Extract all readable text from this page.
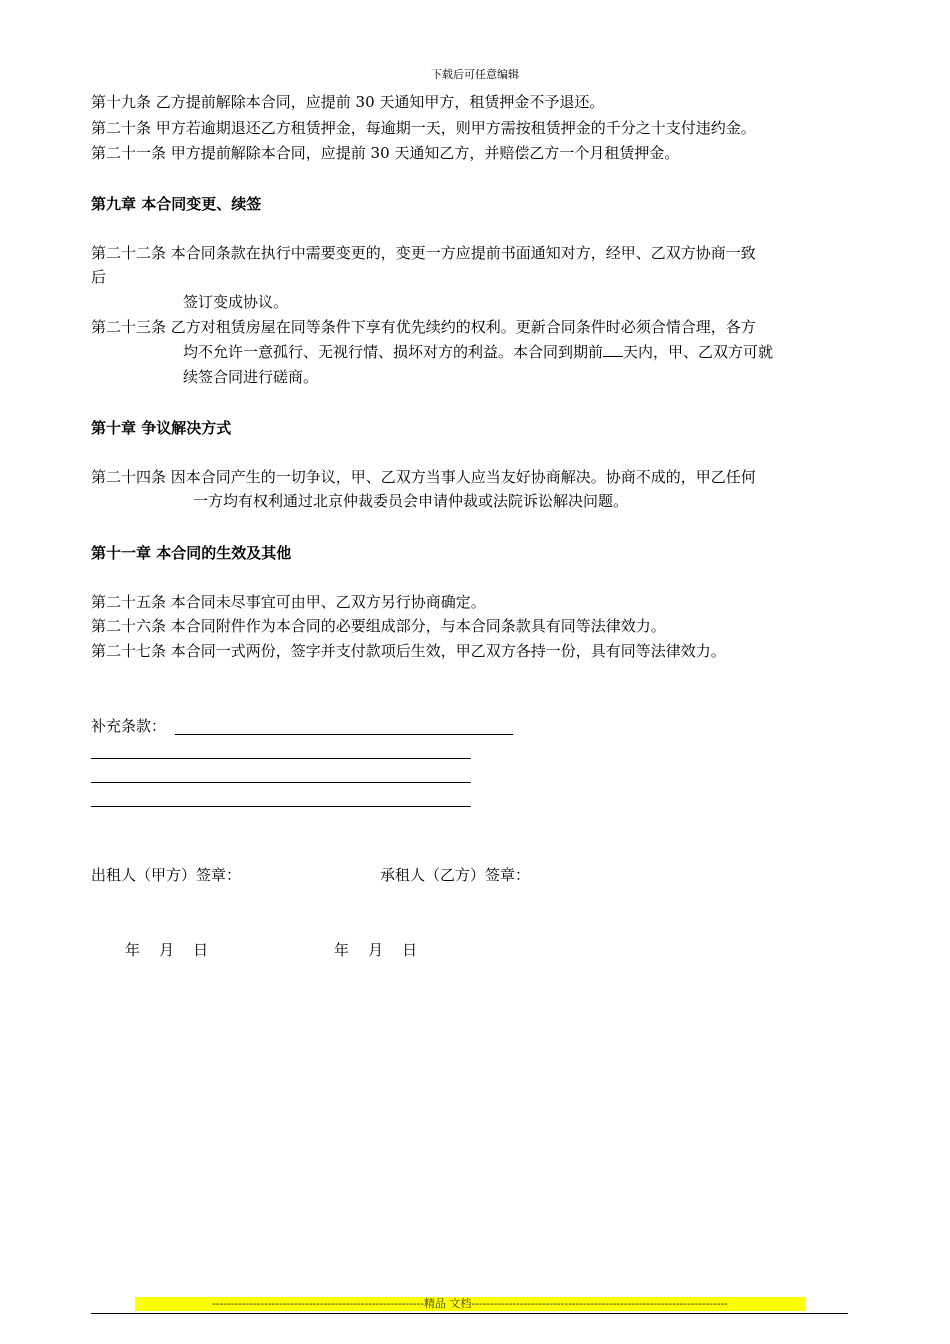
下载后可任意编辑
第十九条 乙方提前解除本合同，应提前 30 天通知甲方，租赁押金不予退还。
第二十条 甲方若逾期退还乙方租赁押金，每逾期一天，则甲方需按租赁押金的千分之十支付违约金。
第二十一条 甲方提前解除本合同，应提前 30 天通知乙方，并赔偿乙方一个月租赁押金。
第九章 本合同变更、续签
第二十二条 本合同条款在执行中需要变更的，变更一方应提前书面通知对方，经甲、乙双方协商一致
后
签订变成协议。
第二十三条 乙方对租赁房屋在同等条件下享有优先续约的权利。更新合同条件时必须合情合理，各方
均不允许一意孤行、无视行情、损坏对方的利益。本合同到期前 天内，甲、乙双方可就
续签合同进行磋商。
第十章 争议解决方式
第二十四条 因本合同产生的一切争议，甲、乙双方当事人应当友好协商解决。协商不成的，甲乙任何
一方均有权利通过北京仲裁委员会申请仲裁或法院诉讼解决问题。
第十一章 本合同的生效及其他
第二十五条 本合同未尽事宜可由甲、乙双方另行协商确定。
第二十六条 本合同附件作为本合同的必要组成部分，与本合同条款具有同等法律效力。
第二十七条 本合同一式两份，签字并支付款项后生效，甲乙双方各持一份，具有同等法律效力。
补充条款：
出租人（甲方）签章：	承租人（乙方）签章：
年    月    日	年    月    日
---------------------------------------------------------精品 文档---------------------------------------------------------------------
